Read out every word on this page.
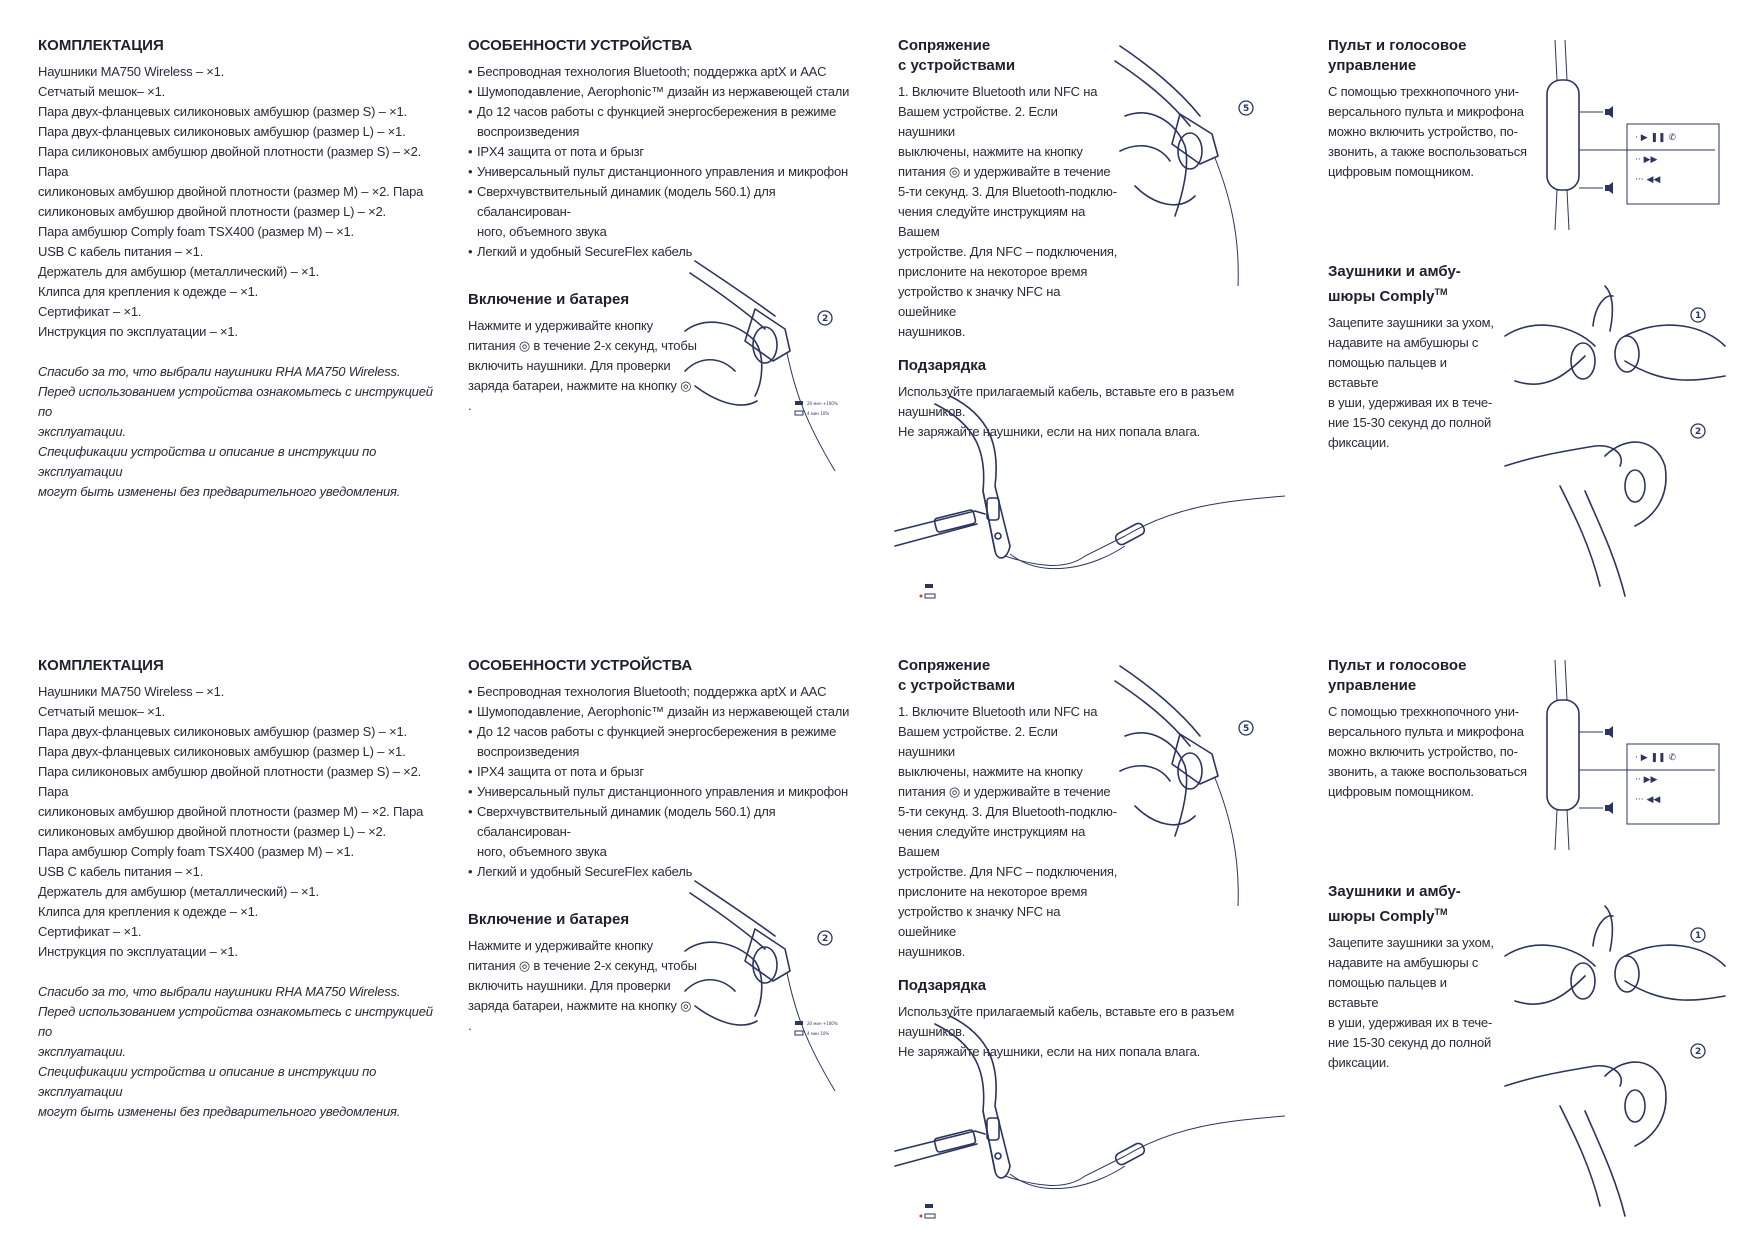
КОМПЛЕКТАЦИЯ

Наушники MA750 Wireless – ×1.

Сетчатый мешок– ×1.

Пара двух-фланцевых силиконовых амбушюр (размер S) – ×1.

Пара двух-фланцевых силиконовых амбушюр (размер L) – ×1.

Пара силиконовых амбушюр двойной плотности (размер S) – ×2. Пара

силиконовых амбушюр двойной плотности (размер M) – ×2. Пара

силиконовых амбушюр двойной плотности (размер L) – ×2.

Пара амбушюр Comply foam TSX400 (размер M) – ×1.

USB C кабель питания – ×1.

Держатель для амбушюр (металлический) – ×1.

Клипса для крепления к одежде – ×1.

Сертификат – ×1.

Инструкция по эксплуатации – ×1.

Спасибо за то, что выбрали наушники RHA MA750 Wireless.

Перед использованием устройства ознакомьтесь с инструкцией по

эксплуатации.

Спецификации устройства и описание в инструкции по эксплуатации

могут быть изменены без предварительного уведомления.

ОСОБЕННОСТИ УСТРОЙСТВА

• Беспроводная технология Bluetooth; поддержка aptX и AAC

• Шумоподавление, Aerophonic™ дизайн из нержавеющей стали

• До 12 часов работы с функцией энергосбережения в режиме

воспроизведения

• IPX4 защита от пота и брызг

• Универсальный пульт дистанционного управления и микрофон

• Сверхчувствительный динамик (модель 560.1) для сбалансирован-

ного, объемного звука

• Легкий и удобный SecureFlex кабель

Включение и батарея

Нажмите и удерживайте кнопку

питания ◎ в течение 2-х секунд, чтобы

включить наушники. Для проверки

заряда батареи, нажмите на кнопку ◎ .

2
20 мин +100%
4 мин 10%
Сопряжение
с устройствами

1. Включите Bluetooth или NFC на

Вашем устройстве. 2. Если наушники

выключены, нажмите на кнопку

питания ◎ и удерживайте в течение

5-ти секунд. 3. Для Bluetooth-подклю-

чения следуйте инструкциям на Вашем

устройстве. Для NFC – подключения,

прислоните на некоторое время

устройство к значку NFC на ошейнике

наушников.

Подзарядка

Используйте прилагаемый кабель, вставьте его в разъем наушников.

Не заряжайте наушники, если на них попала влага.

5
Пульт и голосовое
управление

С помощью трехкнопочного уни-

версального пульта и микрофона

можно включить устройство, по-

звонить, а также воспользоваться

цифровым помощником.

Заушники и амбу-
шюры Comply™

Зацепите заушники за ухом,

надавите на амбушюры с

помощью пальцев и вставьте

в уши, удерживая их в тече-

ние 15-30 секунд до полной

фиксации.

· ▶ ❚❚ ✆
·· ▶▶
··· ◀◀
1
2
КОМПЛЕКТАЦИЯ

Наушники MA750 Wireless – ×1.

Сетчатый мешок– ×1.

Пара двух-фланцевых силиконовых амбушюр (размер S) – ×1.

Пара двух-фланцевых силиконовых амбушюр (размер L) – ×1.

Пара силиконовых амбушюр двойной плотности (размер S) – ×2. Пара

силиконовых амбушюр двойной плотности (размер M) – ×2. Пара

силиконовых амбушюр двойной плотности (размер L) – ×2.

Пара амбушюр Comply foam TSX400 (размер M) – ×1.

USB C кабель питания – ×1.

Держатель для амбушюр (металлический) – ×1.

Клипса для крепления к одежде – ×1.

Сертификат – ×1.

Инструкция по эксплуатации – ×1.

Спасибо за то, что выбрали наушники RHA MA750 Wireless.

Перед использованием устройства ознакомьтесь с инструкцией по

эксплуатации.

Спецификации устройства и описание в инструкции по эксплуатации

могут быть изменены без предварительного уведомления.

ОСОБЕННОСТИ УСТРОЙСТВА

• Беспроводная технология Bluetooth; поддержка aptX и AAC

• Шумоподавление, Aerophonic™ дизайн из нержавеющей стали

• До 12 часов работы с функцией энергосбережения в режиме

воспроизведения

• IPX4 защита от пота и брызг

• Универсальный пульт дистанционного управления и микрофон

• Сверхчувствительный динамик (модель 560.1) для сбалансирован-

ного, объемного звука

• Легкий и удобный SecureFlex кабель

Включение и батарея

Нажмите и удерживайте кнопку

питания ◎ в течение 2-х секунд, чтобы

включить наушники. Для проверки

заряда батареи, нажмите на кнопку ◎ .

2
20 мин +100%
4 мин 10%
Сопряжение
с устройствами

1. Включите Bluetooth или NFC на

Вашем устройстве. 2. Если наушники

выключены, нажмите на кнопку

питания ◎ и удерживайте в течение

5-ти секунд. 3. Для Bluetooth-подклю-

чения следуйте инструкциям на Вашем

устройстве. Для NFC – подключения,

прислоните на некоторое время

устройство к значку NFC на ошейнике

наушников.

Подзарядка

Используйте прилагаемый кабель, вставьте его в разъем наушников.

Не заряжайте наушники, если на них попала влага.

5
Пульт и голосовое
управление

С помощью трехкнопочного уни-

версального пульта и микрофона

можно включить устройство, по-

звонить, а также воспользоваться

цифровым помощником.

Заушники и амбу-
шюры Comply™

Зацепите заушники за ухом,

надавите на амбушюры с

помощью пальцев и вставьте

в уши, удерживая их в тече-

ние 15-30 секунд до полной

фиксации.

· ▶ ❚❚ ✆
·· ▶▶
··· ◀◀
1
2
